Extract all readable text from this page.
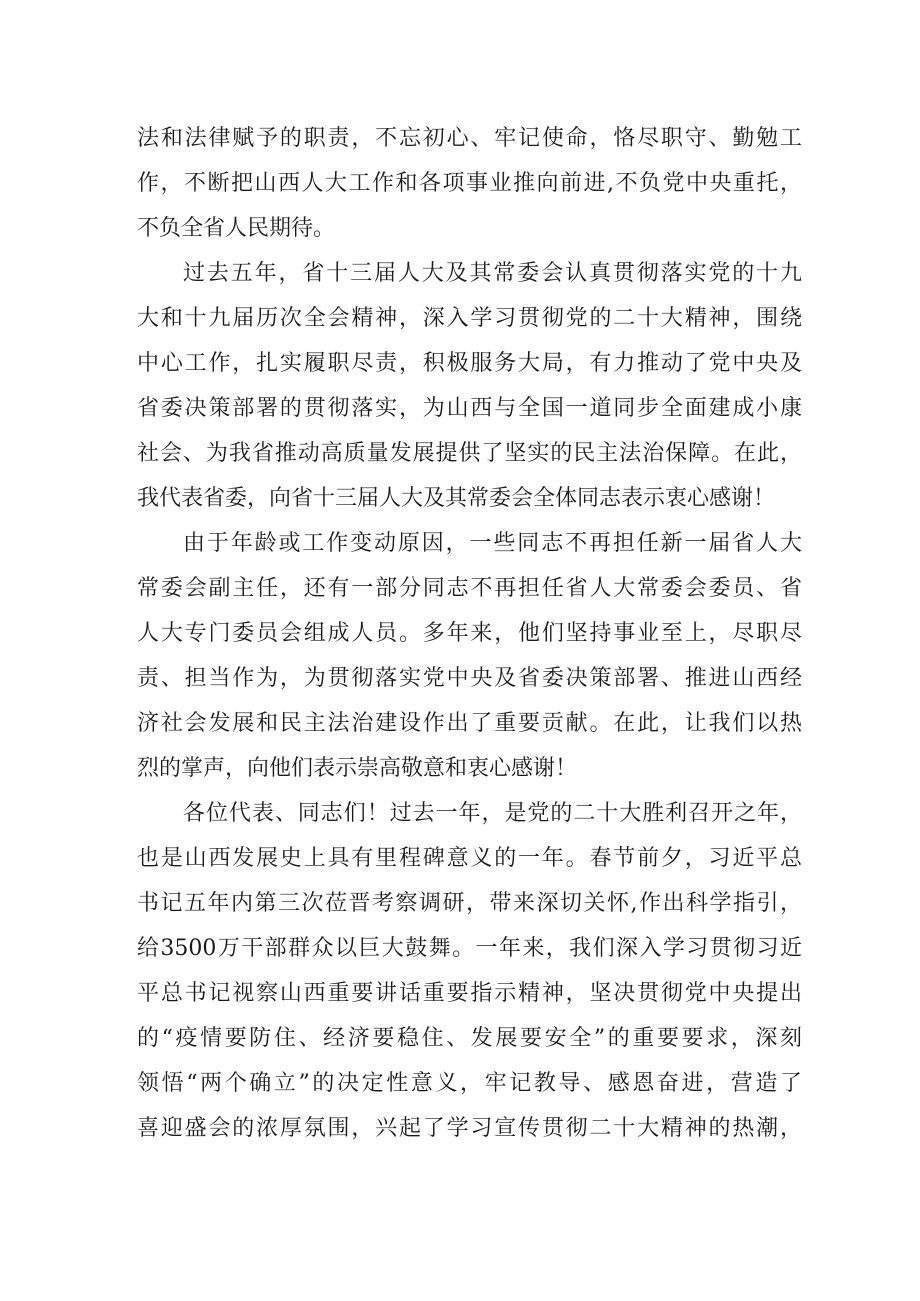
法和法律赋予的职责，不忘初心、牢记使命，恪尽职守、勤勉工
作，不断把山西人大工作和各项事业推向前进,不负党中央重托，
不负全省人民期待。
过去五年，省十三届人大及其常委会认真贯彻落实党的十九
大和十九届历次全会精神，深入学习贯彻党的二十大精神，围绕
中心工作，扎实履职尽责，积极服务大局，有力推动了党中央及
省委决策部署的贯彻落实，为山西与全国一道同步全面建成小康
社会、为我省推动高质量发展提供了坚实的民主法治保障。在此，
我代表省委，向省十三届人大及其常委会全体同志表示衷心感谢！
由于年龄或工作变动原因，一些同志不再担任新一届省人大
常委会副主任，还有一部分同志不再担任省人大常委会委员、省
人大专门委员会组成人员。多年来，他们坚持事业至上，尽职尽
责、担当作为，为贯彻落实党中央及省委决策部署、推进山西经
济社会发展和民主法治建设作出了重要贡献。在此，让我们以热
烈的掌声，向他们表示崇高敬意和衷心感谢！
各位代表、同志们！过去一年，是党的二十大胜利召开之年，
也是山西发展史上具有里程碑意义的一年。春节前夕，习近平总
书记五年内第三次莅晋考察调研，带来深切关怀,作出科学指引，
给3500万干部群众以巨大鼓舞。一年来，我们深入学习贯彻习近
平总书记视察山西重要讲话重要指示精神，坚决贯彻党中央提出
的“疫情要防住、经济要稳住、发展要安全”的重要要求，深刻
领悟“两个确立”的决定性意义，牢记教导、感恩奋进，营造了
喜迎盛会的浓厚氛围，兴起了学习宣传贯彻二十大精神的热潮，
